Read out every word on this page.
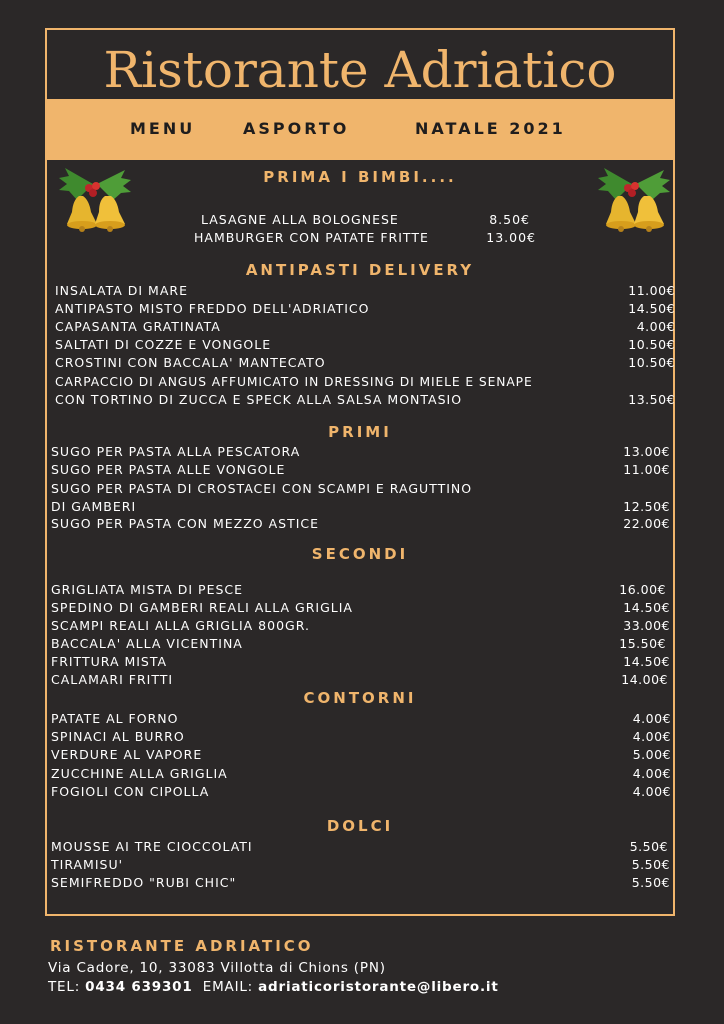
Ristorante Adriatico
MENU	ASPORTO	NATALE 2021
PRIMA I BIMBI....
LASAGNE ALLA BOLOGNESE	8.50€
HAMBURGER CON PATATE FRITTE	13.00€
ANTIPASTI DELIVERY
INSALATA DI MARE	11.00€
ANTIPASTO MISTO FREDDO DELL'ADRIATICO	14.50€
CAPASANTA GRATINATA	4.00€
SALTATI DI COZZE E VONGOLE	10.50€
CROSTINI CON BACCALA' MANTECATO	10.50€
CARPACCIO DI ANGUS AFFUMICATO IN DRESSING DI MIELE E SENAPE
CON TORTINO DI ZUCCA E SPECK ALLA SALSA MONTASIO	13.50€
PRIMI
SUGO PER PASTA ALLA PESCATORA	13.00€
SUGO PER PASTA ALLE VONGOLE	11.00€
SUGO PER PASTA DI CROSTACEI CON SCAMPI E RAGUTTINO
DI GAMBERI	12.50€
SUGO PER PASTA CON MEZZO ASTICE	22.00€
SECONDI
GRIGLIATA MISTA DI PESCE	16.00€
SPEDINO DI GAMBERI REALI ALLA GRIGLIA	14.50€
SCAMPI REALI ALLA GRIGLIA 800GR.	33.00€
BACCALA' ALLA VICENTINA	15.50€
FRITTURA MISTA	14.50€
CALAMARI FRITTI	14.00€
CONTORNI
PATATE AL FORNO	4.00€
SPINACI AL BURRO	4.00€
VERDURE AL VAPORE	5.00€
ZUCCHINE ALLA GRIGLIA	4.00€
FOGIOLI CON CIPOLLA	4.00€
DOLCI
MOUSSE AI TRE CIOCCOLATI	5.50€
TIRAMISU'	5.50€
SEMIFREDDO "RUBI CHIC"	5.50€
RISTORANTE ADRIATICO
Via Cadore, 10, 33083 Villotta di Chions (PN)
TEL: 0434 639301 EMAIL: adriaticoristorante@libero.it
